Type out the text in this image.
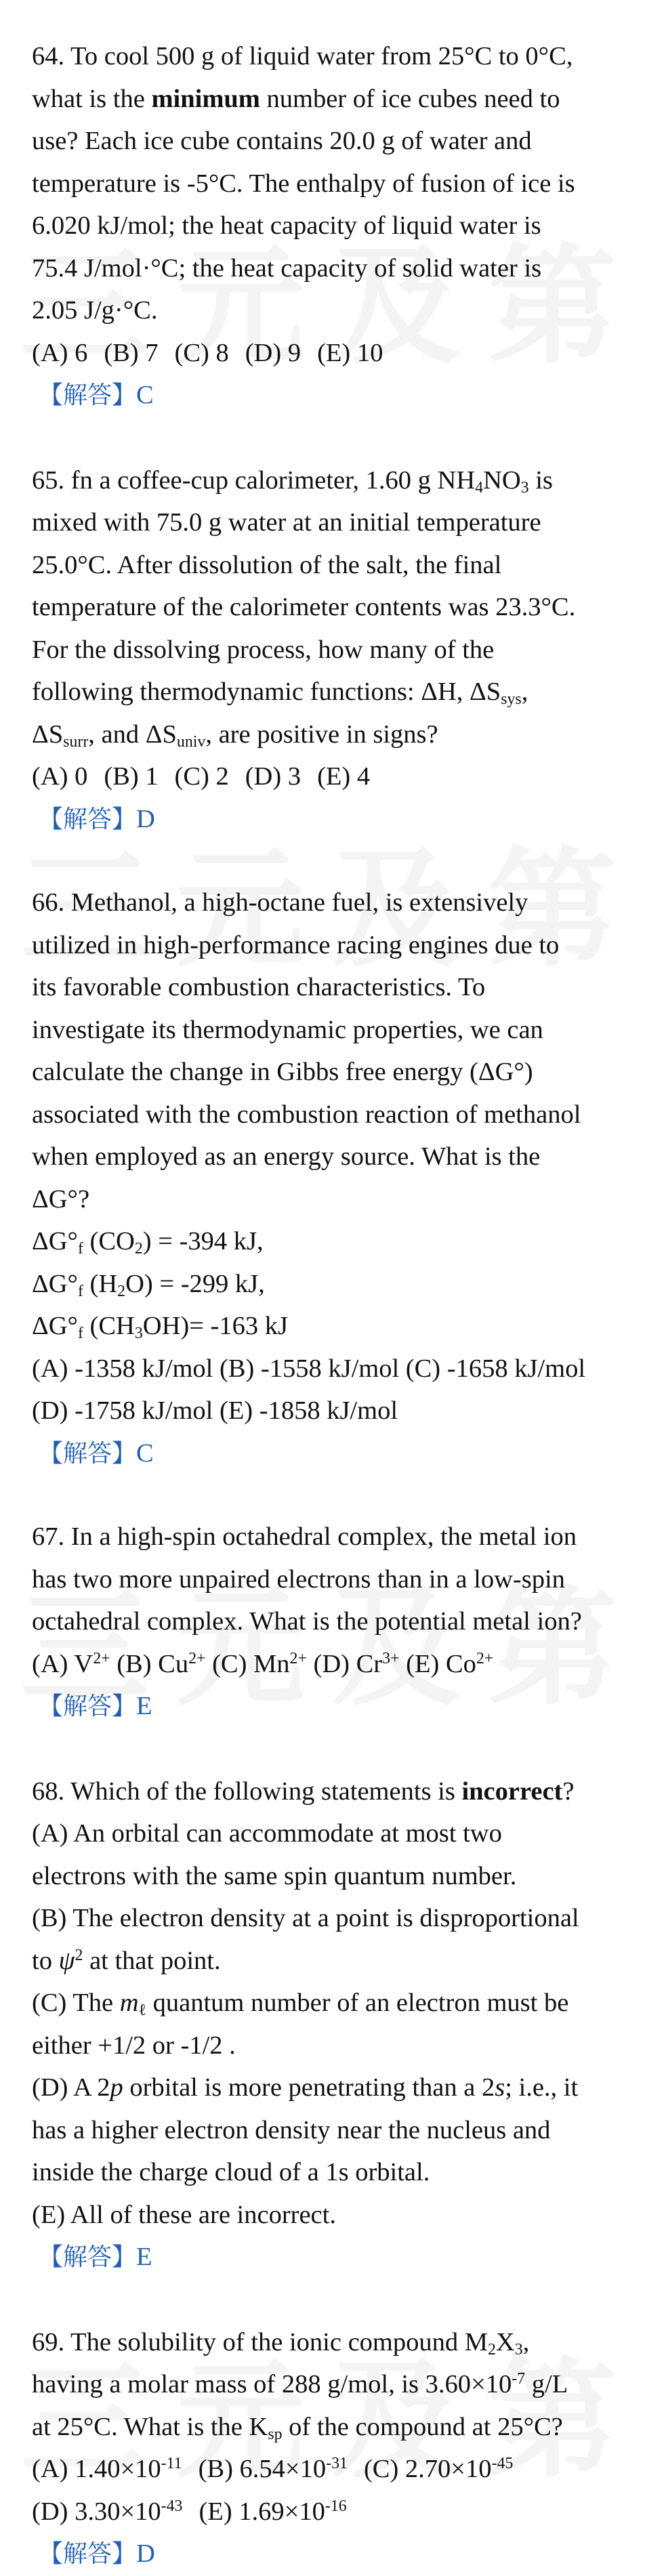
64. To cool 500 g of liquid water from 25°C to 0°C,

what is the minimum number of ice cubes need to

use? Each ice cube contains 20.0 g of water and

temperature is -5°C. The enthalpy of fusion of ice is

6.020 kJ/mol; the heat capacity of liquid water is

75.4 J/mol·°C; the heat capacity of solid water is

2.05 J/g·°C.

(A) 6 (B) 7 (C) 8 (D) 9 (E) 10

【解答】C

65. fn a coffee-cup calorimeter, 1.60 g $NH_4NO_3$ is

mixed with 75.0 g water at an initial temperature

25.0°C. After dissolution of the salt, the final

temperature of the calorimeter contents was 23.3°C.

For the dissolving process, how many of the

following thermodynamic functions: ΔH, $\Delta S_{sys}$,

$\Delta S_{surr}$, and $\Delta S_{univ}$, are positive in signs?

(A) 0 (B) 1 (C) 2 (D) 3 (E) 4

【解答】D

66. Methanol, a high-octane fuel, is extensively

utilized in high-performance racing engines due to

its favorable combustion characteristics. To

investigate its thermodynamic properties, we can

calculate the change in Gibbs free energy (ΔG°)

associated with the combustion reaction of methanol

when employed as an energy source. What is the

ΔG°?

$\Delta G^\circ_f$ $(CO_2) = -394$ kJ,

$\Delta G^\circ_f$ $(H_2O) = -299$ kJ,

$\Delta G^\circ_f$ $(CH_3OH)= -163$ kJ

(A) -1358 kJ/mol (B) -1558 kJ/mol (C) -1658 kJ/mol

(D) -1758 kJ/mol (E) -1858 kJ/mol

【解答】C

67. In a high-spin octahedral complex, the metal ion

has two more unpaired electrons than in a low-spin

octahedral complex. What is the potential metal ion?

(A) $V^{2+}$ (B) $Cu^{2+}$ (C) $Mn^{2+}$ (D) $Cr^{3+}$ (E) $Co^{2+}$

【解答】E

68. Which of the following statements is incorrect?

(A) An orbital can accommodate at most two

electrons with the same spin quantum number.

(B) The electron density at a point is disproportional

to $\psi^2$ at that point.

(C) The $m_\ell$ quantum number of an electron must be

either +1/2 or -1/2 .

(D) A 2p orbital is more penetrating than a 2s; i.e., it

has a higher electron density near the nucleus and

inside the charge cloud of a 1s orbital.

(E) All of these are incorrect.

【解答】E

69. The solubility of the ionic compound $M_2X_3$,

having a molar mass of 288 g/mol, is $3.60\times 10^{-7}$ g/L

at 25°C. What is the $K_{sp}$ of the compound at 25°C?

(A) $1.40\times 10^{-11}$ (B) $6.54\times 10^{-31}$ (C) $2.70\times 10^{-45}$

(D) $3.30\times 10^{-43}$ (E) $1.69\times 10^{-16}$

【解答】D
